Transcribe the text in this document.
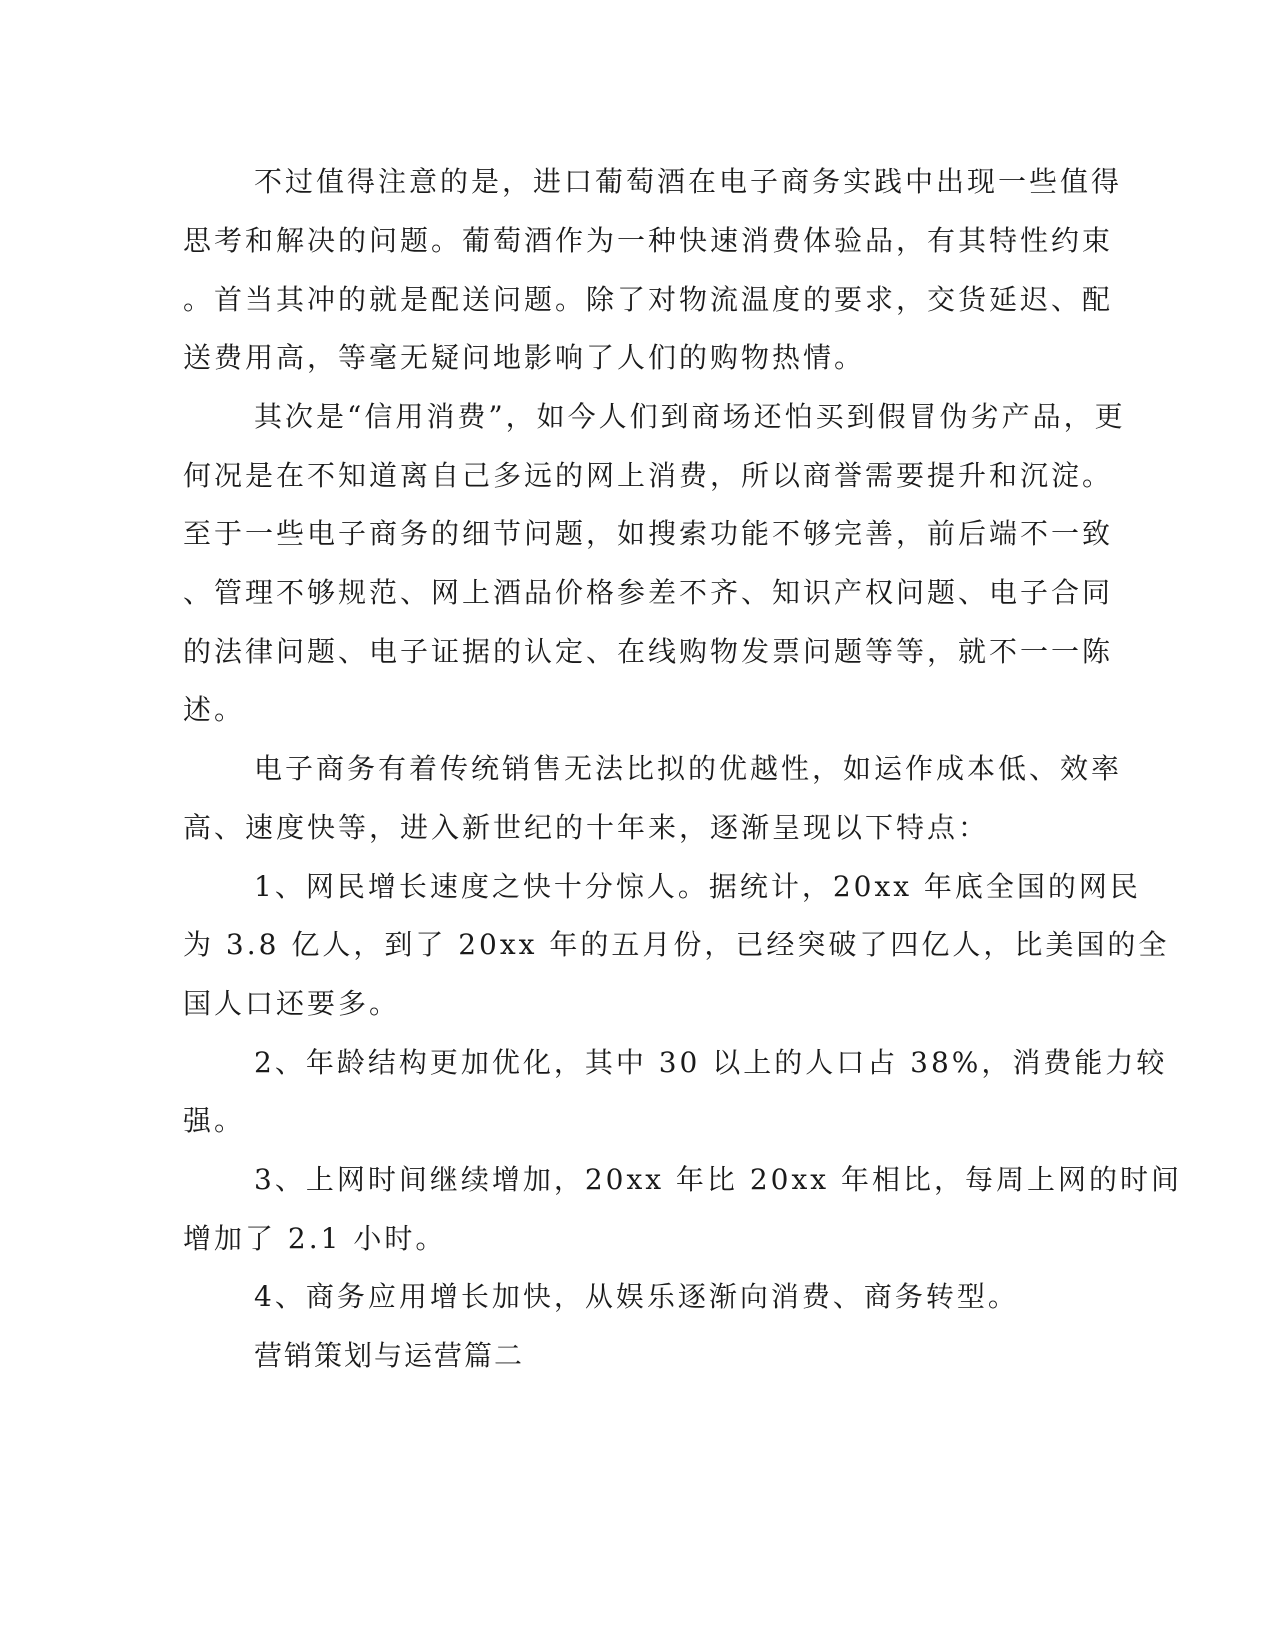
不过值得注意的是，进口葡萄酒在电子商务实践中出现一些值得
思考和解决的问题。葡萄酒作为一种快速消费体验品，有其特性约束
。首当其冲的就是配送问题。除了对物流温度的要求，交货延迟、配
送费用高，等毫无疑问地影响了人们的购物热情。
其次是“信用消费”，如今人们到商场还怕买到假冒伪劣产品，更
何况是在不知道离自己多远的网上消费，所以商誉需要提升和沉淀。
至于一些电子商务的细节问题，如搜索功能不够完善，前后端不一致
、管理不够规范、网上酒品价格参差不齐、知识产权问题、电子合同
的法律问题、电子证据的认定、在线购物发票问题等等，就不一一陈
述。
电子商务有着传统销售无法比拟的优越性，如运作成本低、效率
高、速度快等，进入新世纪的十年来，逐渐呈现以下特点：
1、网民增长速度之快十分惊人。据统计，20xx 年底全国的网民
为 3.8 亿人，到了 20xx 年的五月份，已经突破了四亿人，比美国的全
国人口还要多。
2、年龄结构更加优化，其中 30 以上的人口占 38%，消费能力较
强。
3、上网时间继续增加，20xx 年比 20xx 年相比，每周上网的时间
增加了 2.1 小时。
4、商务应用增长加快，从娱乐逐渐向消费、商务转型。
营销策划与运营篇二
